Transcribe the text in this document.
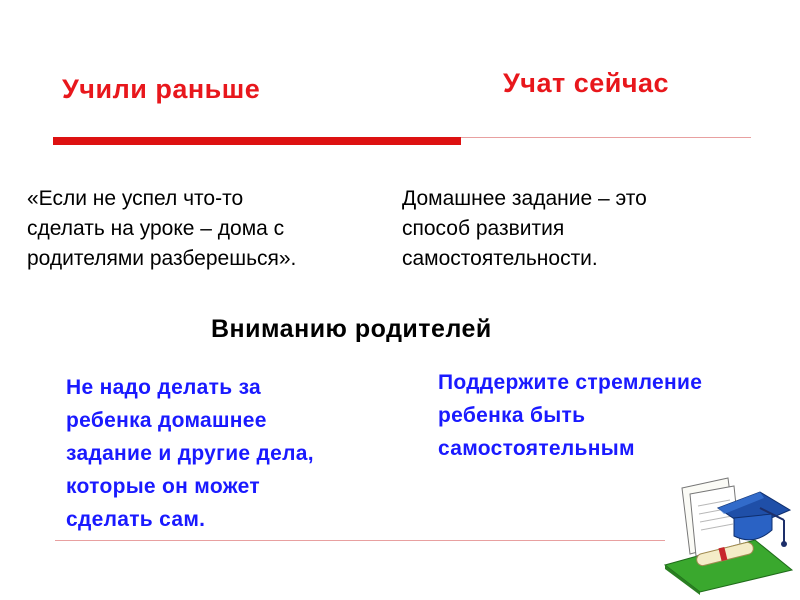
Учили раньше	Учат сейчас
«Если не успел что-то
сделать на уроке – дома с
родителями разберешься».
Домашнее задание – это
способ развития
самостоятельности.
Вниманию родителей
Не надо делать за
ребенка домашнее
задание и другие дела,
которые он может
сделать сам.
Поддержите стремление
ребенка быть
самостоятельным
